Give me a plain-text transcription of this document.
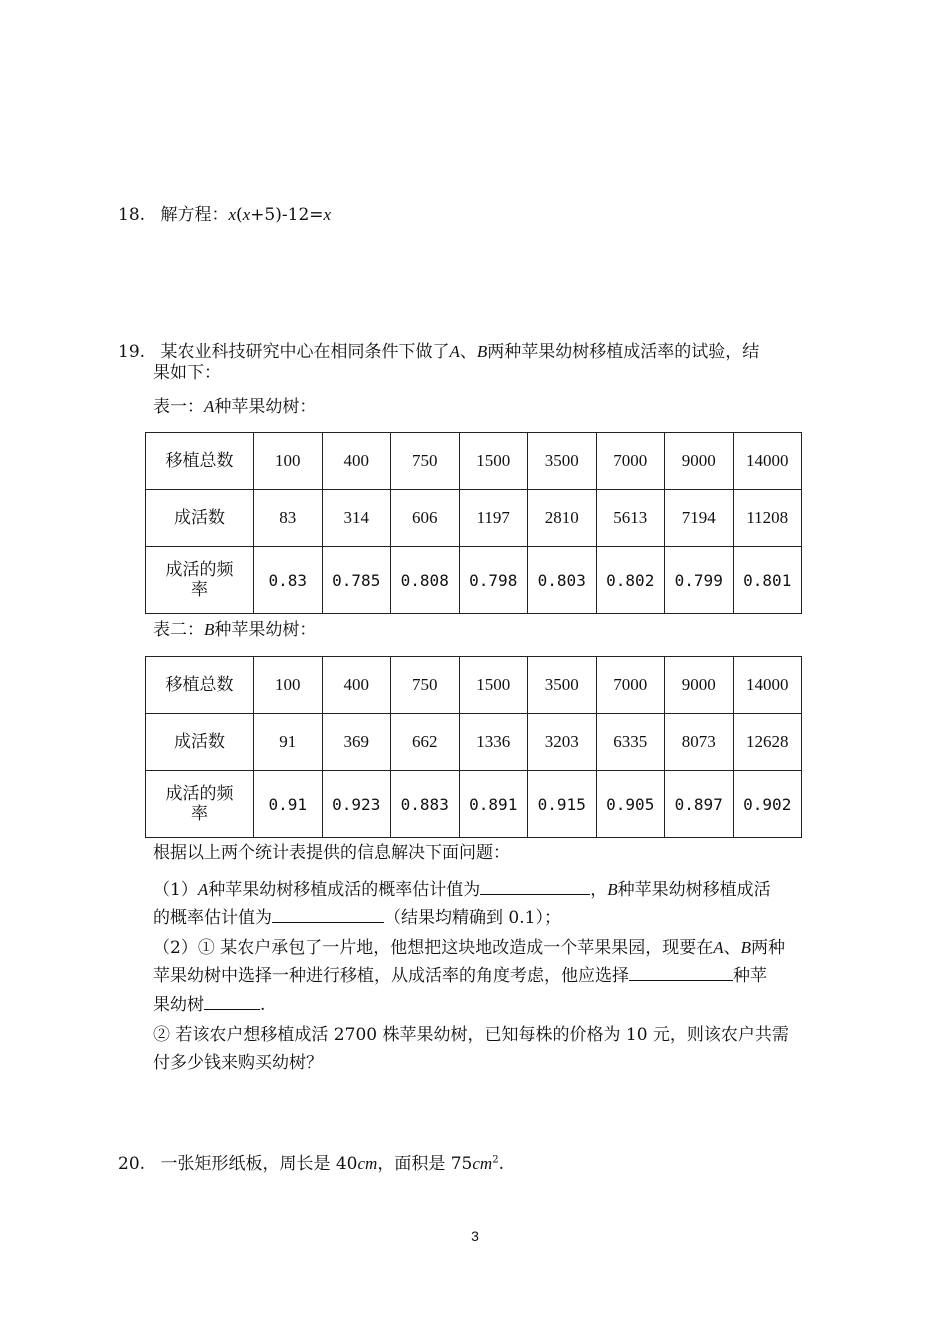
18. 解方程：x(x+5)-12=x
19. 某农业科技研究中心在相同条件下做了A、B两种苹果幼树移植成活率的试验，结
果如下：
表一：A种苹果幼树：
移植总数	100	400	750	1500	3500	7000	9000	14000
成活数	83	314	606	1197	2810	5613	7194	11208

成活的频
率	0.83	0.785	0.808	0.798	0.803	0.802	0.799	0.801
表二：B种苹果幼树：
移植总数	100	400	750	1500	3500	7000	9000	14000
成活数	91	369	662	1336	3203	6335	8073	12628

成活的频
率	0.91	0.923	0.883	0.891	0.915	0.905	0.897	0.902
根据以上两个统计表提供的信息解决下面问题：
（1）A种苹果幼树移植成活的概率估计值为	，B种苹果幼树移植成活
的概率估计值为	（结果均精确到 0.1）；
（2）① 某农户承包了一片地，他想把这块地改造成一个苹果果园，现要在A、B两种
苹果幼树中选择一种进行移植，从成活率的角度考虑，他应选择	种苹
果幼树	.
② 若该农户想移植成活 2700 株苹果幼树，已知每株的价格为 10 元，则该农户共需
付多少钱来购买幼树？
20. 一张矩形纸板，周长是 40cm，面积是 $75cm^2$.
3
